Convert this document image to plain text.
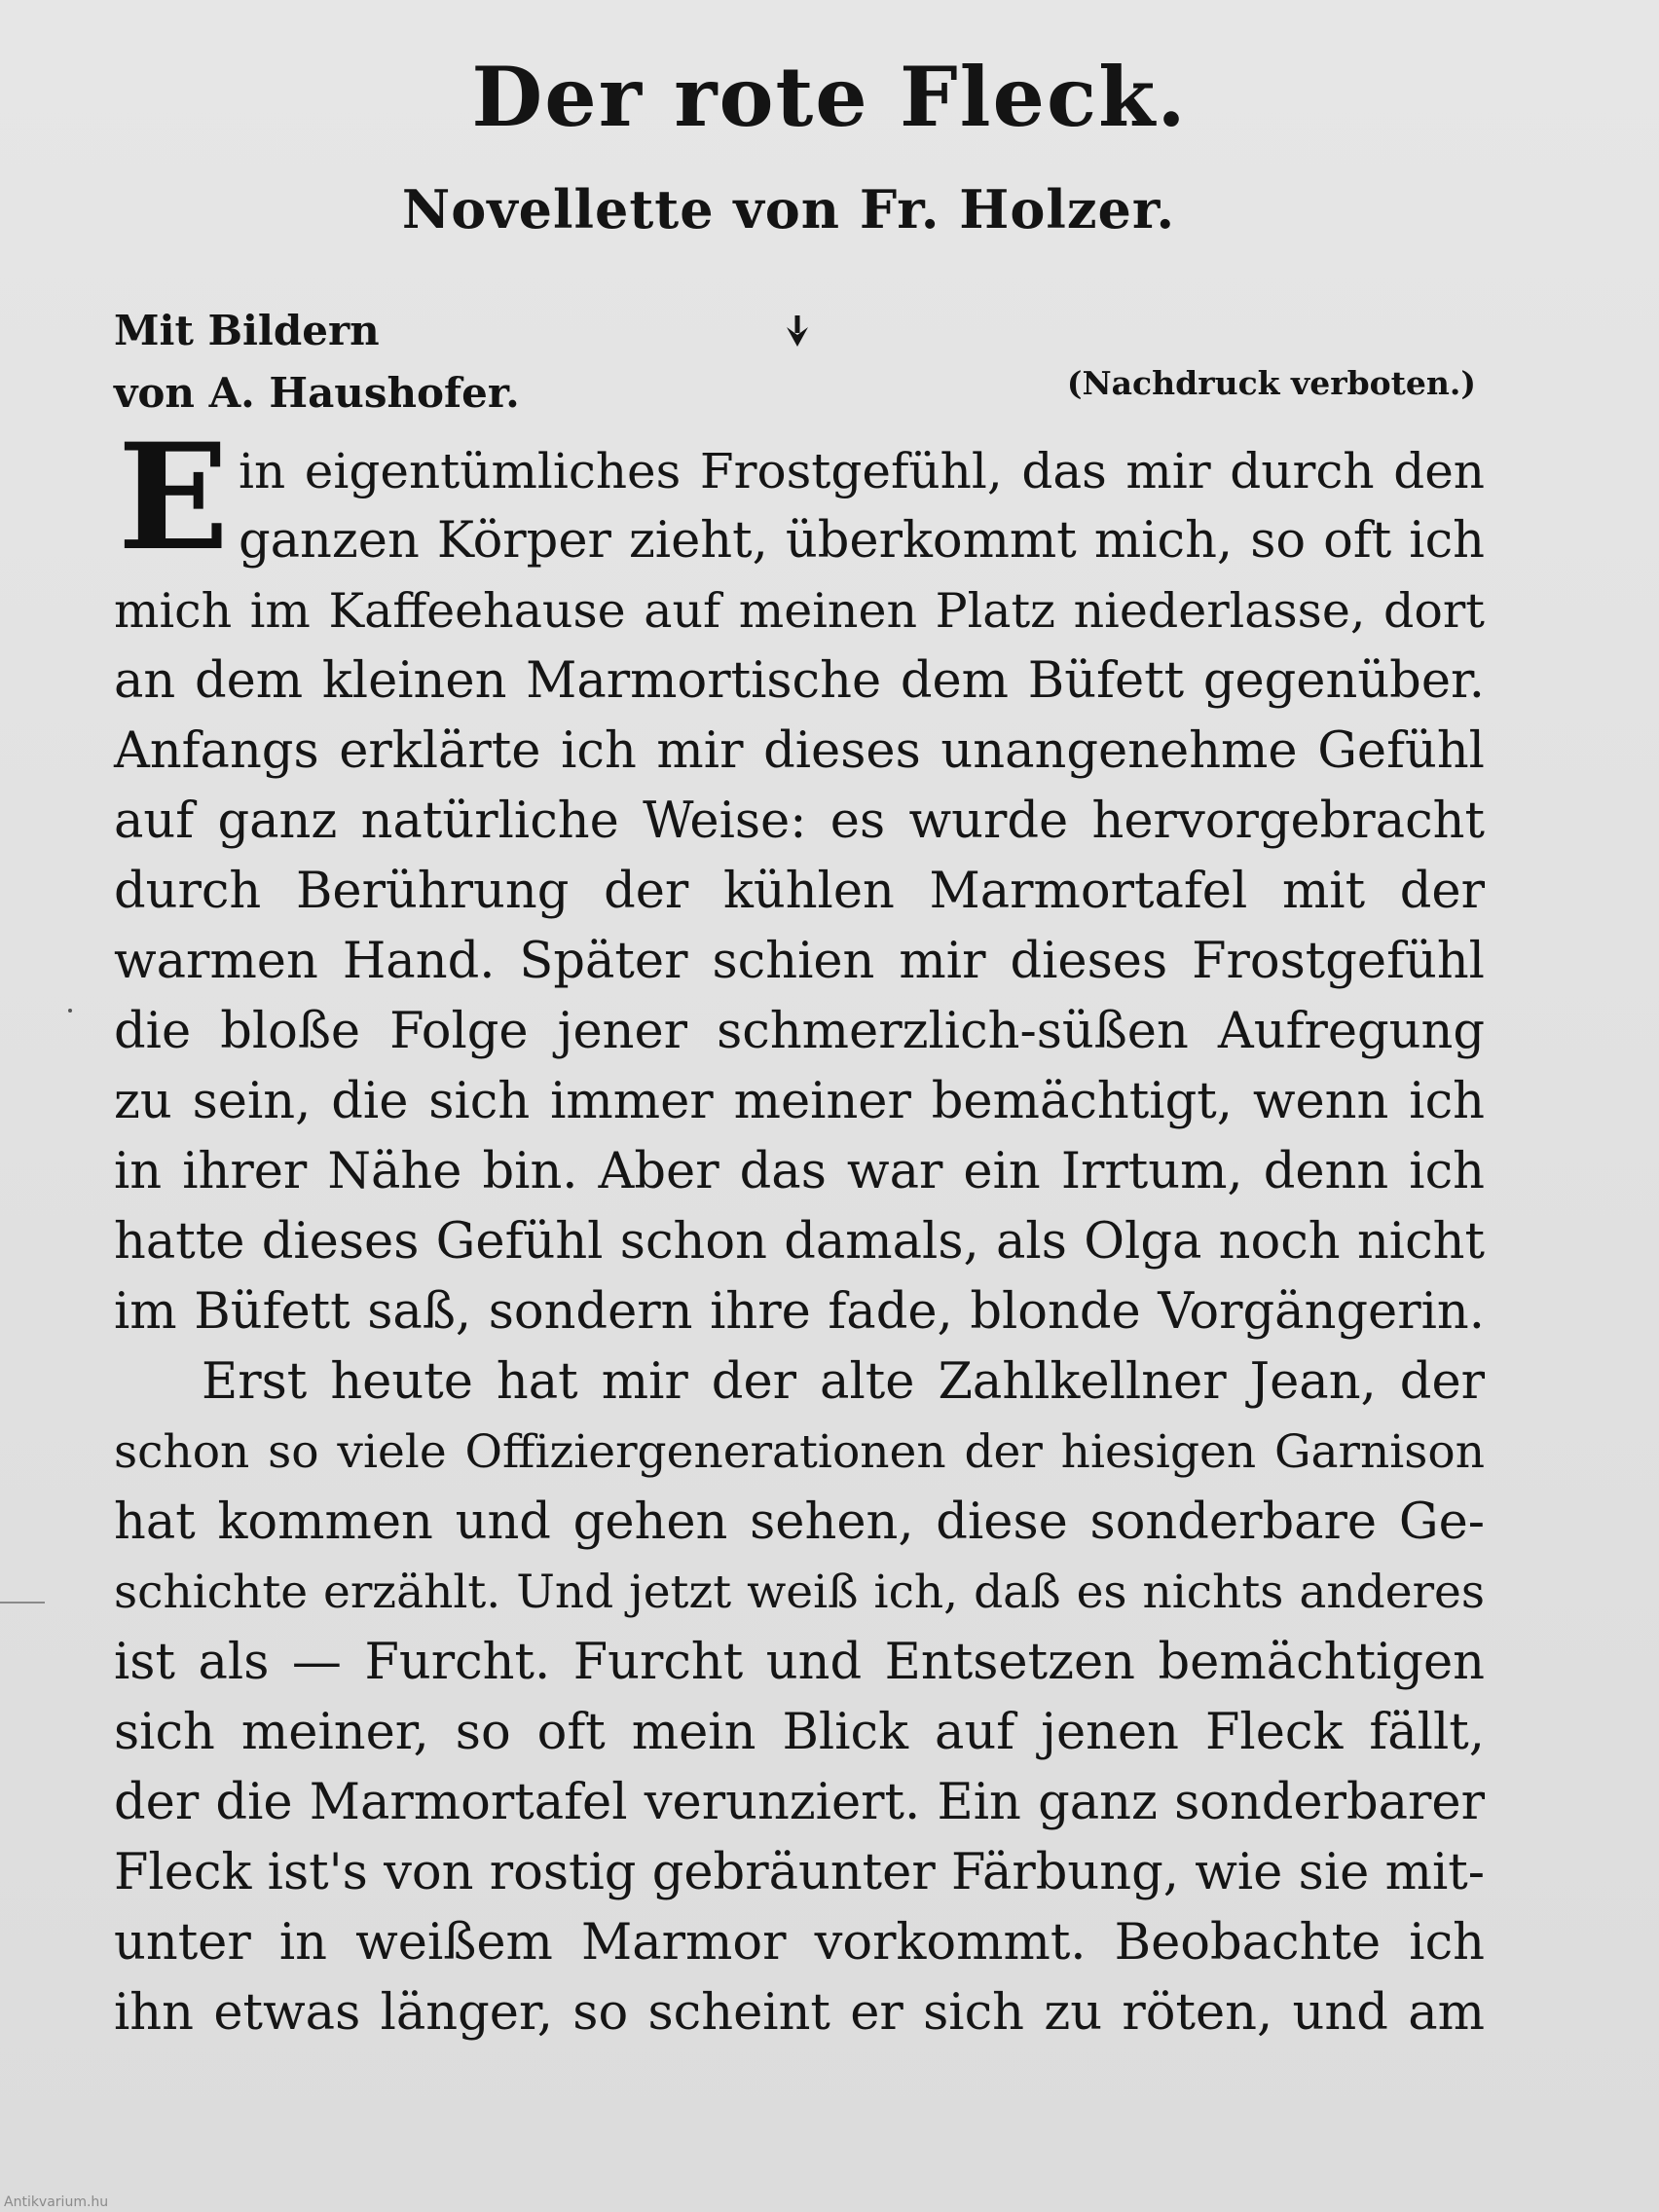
Der rote Fleck.
Novellette von Fr. Holzer.
Mit Bildern
von A. Haushofer.	(Nachdruck verboten.)
E in eigentümliches Frostgefühl, das mir durch den
ganzen Körper zieht, überkommt mich, so oft ich
mich im Kaffeehause auf meinen Platz niederlasse, dort
an dem kleinen Marmortische dem Büfett gegenüber.
Anfangs erklärte ich mir dieses unangenehme Gefühl
auf ganz natürliche Weise: es wurde hervorgebracht
durch Berührung der kühlen Marmortafel mit der
warmen Hand. Später schien mir dieses Frostgefühl
die bloße Folge jener schmerzlich-süßen Aufregung
zu sein, die sich immer meiner bemächtigt, wenn ich
in ihrer Nähe bin. Aber das war ein Irrtum, denn ich
hatte dieses Gefühl schon damals, als Olga noch nicht
im Büfett saß, sondern ihre fade, blonde Vorgängerin.
Erst heute hat mir der alte Zahlkellner Jean, der
schon so viele Offiziergenerationen der hiesigen Garnison
hat kommen und gehen sehen, diese sonderbare Ge-
schichte erzählt. Und jetzt weiß ich, daß es nichts anderes
ist als — Furcht. Furcht und Entsetzen bemächtigen
sich meiner, so oft mein Blick auf jenen Fleck fällt,
der die Marmortafel verunziert. Ein ganz sonderbarer
Fleck ist's von rostig gebräunter Färbung, wie sie mit-
unter in weißem Marmor vorkommt. Beobachte ich
ihn etwas länger, so scheint er sich zu röten, und am
Antikvarium.hu
